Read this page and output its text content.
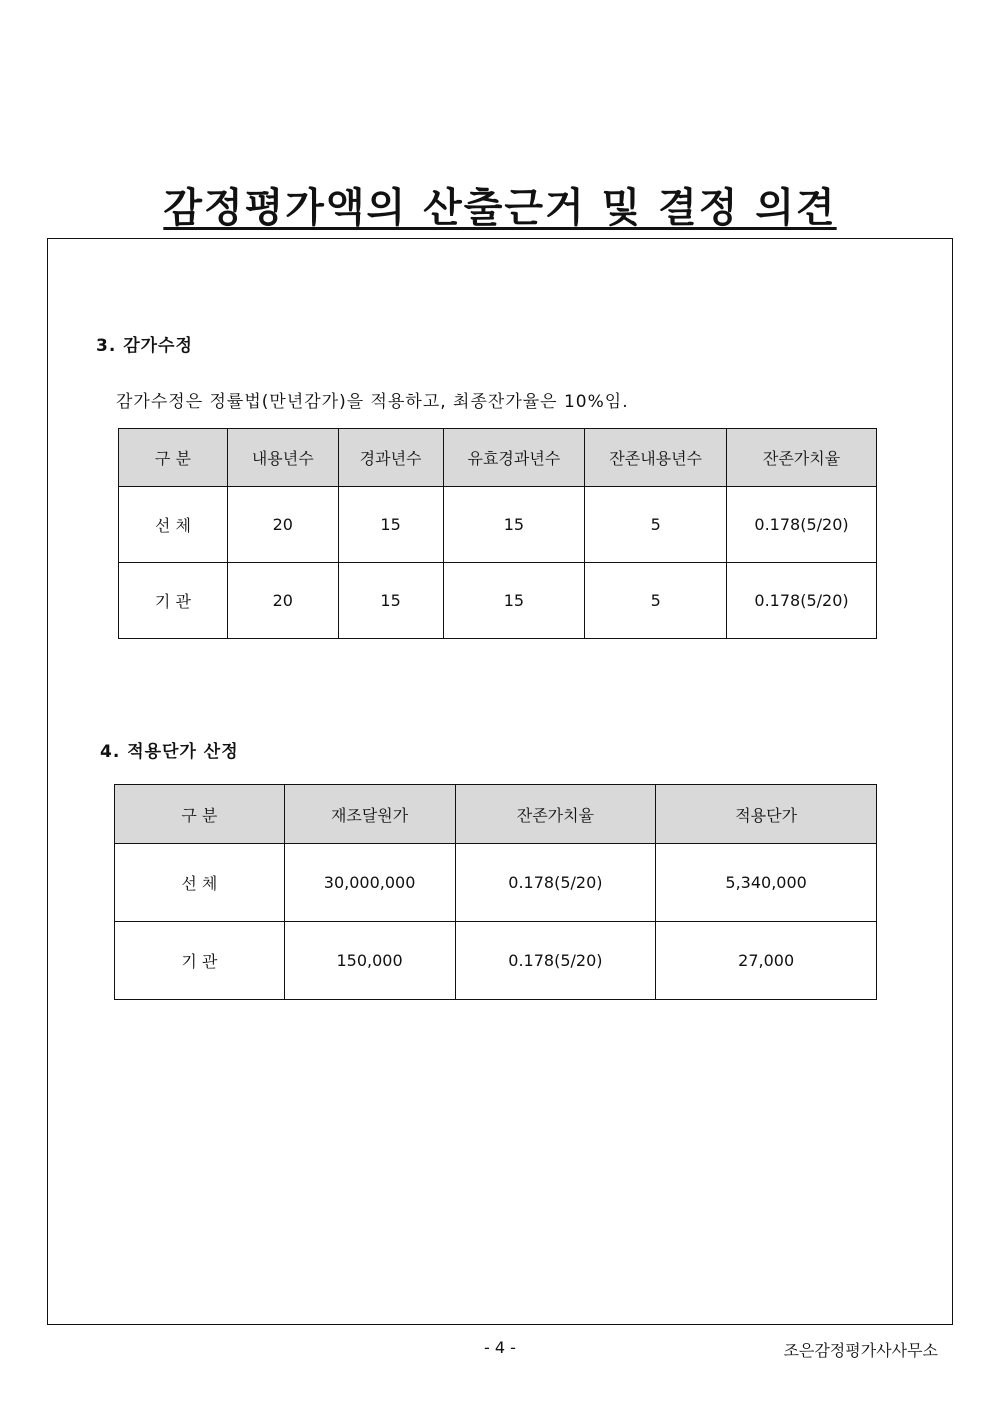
감정평가액의 산출근거 및 결정 의견
3. 감가수정
감가수정은 정률법(만년감가)을 적용하고, 최종잔가율은 10%임.
구 분	내용년수	경과년수	유효경과년수	잔존내용년수	잔존가치율
선 체	20	15	15	5	0.178(5/20)
기 관	20	15	15	5	0.178(5/20)
4. 적용단가 산정
구 분	재조달원가	잔존가치율	적용단가
선 체	30,000,000	0.178(5/20)	5,340,000
기 관	150,000	0.178(5/20)	27,000
- 4 -	조은감정평가사사무소
